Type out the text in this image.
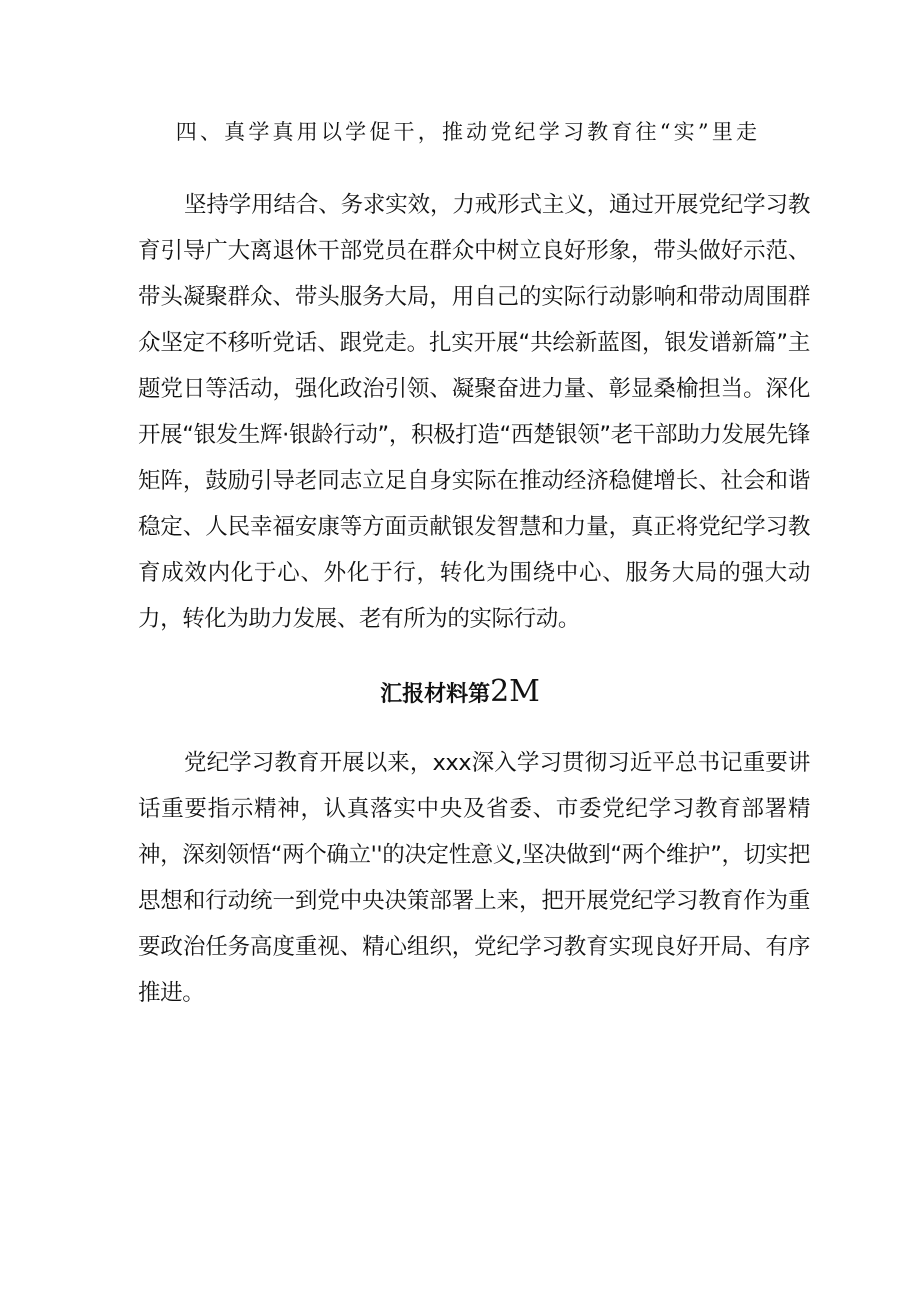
四、真学真用以学促干，推动党纪学习教育往“实”里走
坚持学用结合、务求实效，力戒形式主义，通过开展党纪学习教育引导广大离退休干部党员在群众中树立良好形象，带头做好示范、带头凝聚群众、带头服务大局，用自己的实际行动影响和带动周围群众坚定不移听党话、跟党走。扎实开展“共绘新蓝图，银发谱新篇”主题党日等活动，强化政治引领、凝聚奋进力量、彰显桑榆担当。深化开展“银发生辉·银龄行动”，积极打造“西楚银领”老干部助力发展先锋矩阵，鼓励引导老同志立足自身实际在推动经济稳健增长、社会和谐稳定、人民幸福安康等方面贡献银发智慧和力量，真正将党纪学习教育成效内化于心、外化于行，转化为围绕中心、服务大局的强大动力，转化为助力发展、老有所为的实际行动。
汇报材料第2M
党纪学习教育开展以来，xxx深入学习贯彻习近平总书记重要讲话重要指示精神，认真落实中央及省委、市委党纪学习教育部署精神，深刻领悟“两个确立''的决定性意义,坚决做到“两个维护”，切实把思想和行动统一到党中央决策部署上来，把开展党纪学习教育作为重要政治任务高度重视、精心组织，党纪学习教育实现良好开局、有序推进。
